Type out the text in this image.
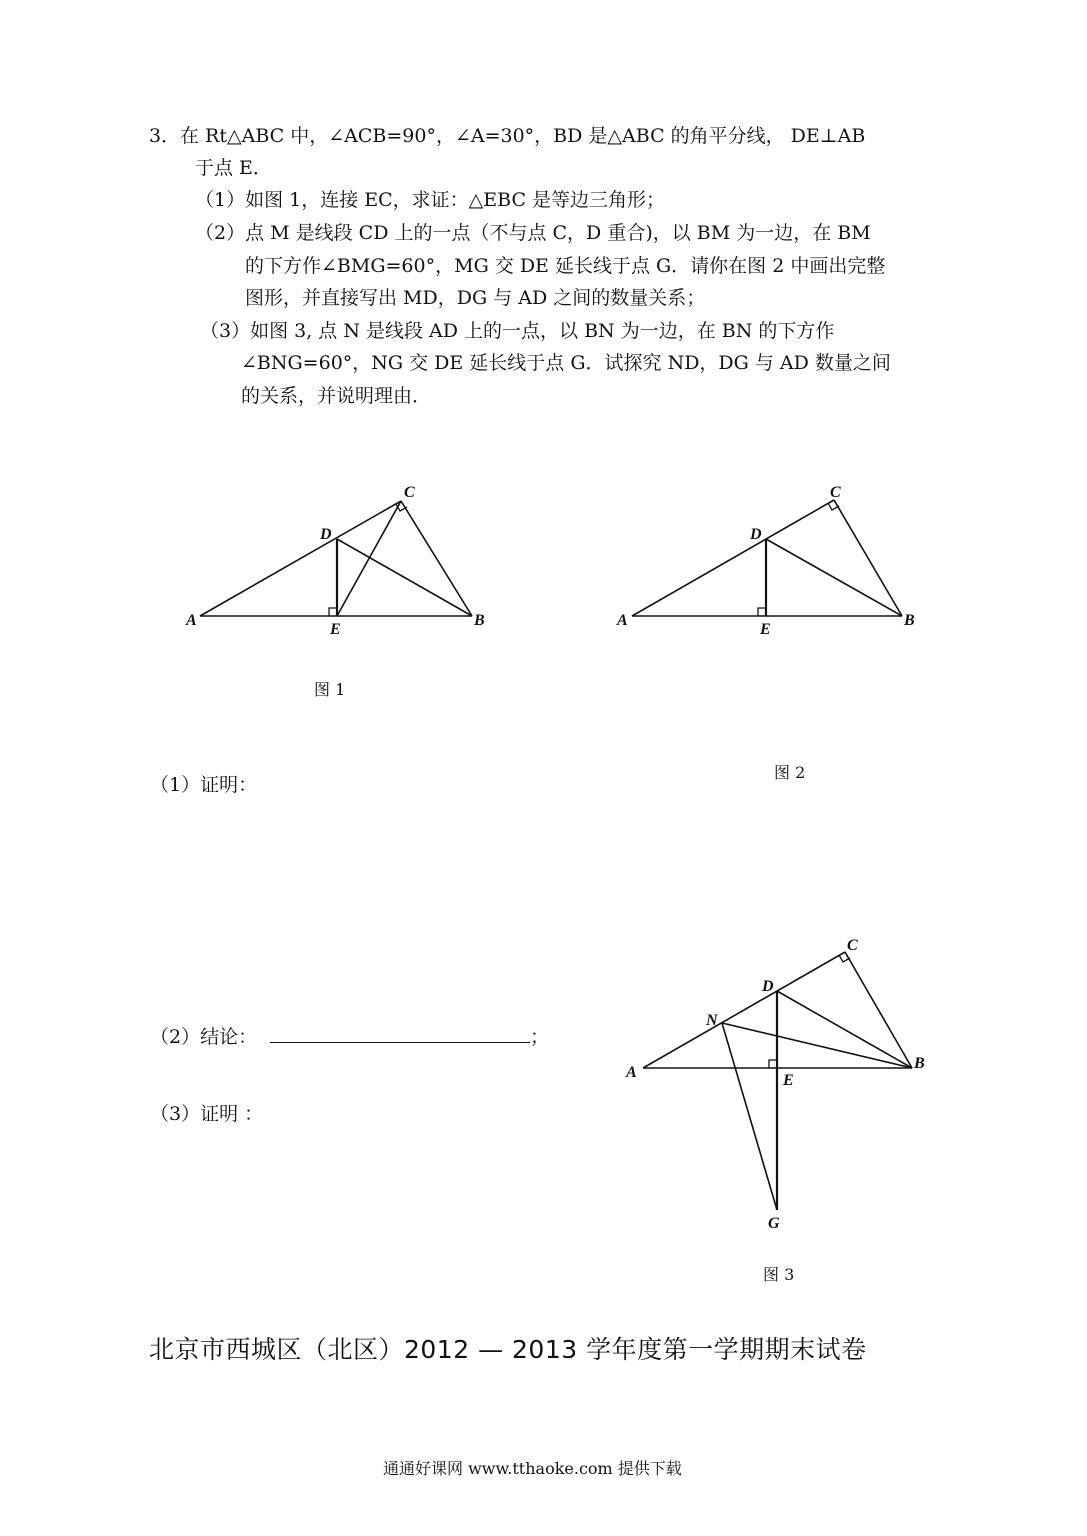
3． 在 Rt△ABC 中，∠ACB=90°，∠A=30°，BD 是△ABC 的角平分线， DE⊥AB
于点 E．
（1）如图 1，连接 EC，求证：△EBC 是等边三角形；
（2）点 M 是线段 CD 上的一点（不与点 C，D 重合)，以 BM 为一边，在 BM
的下方作∠BMG=60°，MG 交 DE 延长线于点 G．请你在图 2 中画出完整
图形，并直接写出 MD，DG 与 AD 之间的数量关系；
（3）如图 3, 点 N 是线段 AD 上的一点，以 BN 为一边，在 BN 的下方作
∠BNG=60°，NG 交 DE 延长线于点 G．试探究 ND，DG 与 AD 数量之间
的关系，并说明理由．
A	B
C
D
E
图 1
A	B
C
D
E
图 2
（1）证明：
（2）结论：	；
（3）证明 ：
A
B
C
D
E
N
G
图 3
北京市西城区（北区）2012 — 2013 学年度第一学期期末试卷
通通好课网 www.tthaoke.com 提供下载
